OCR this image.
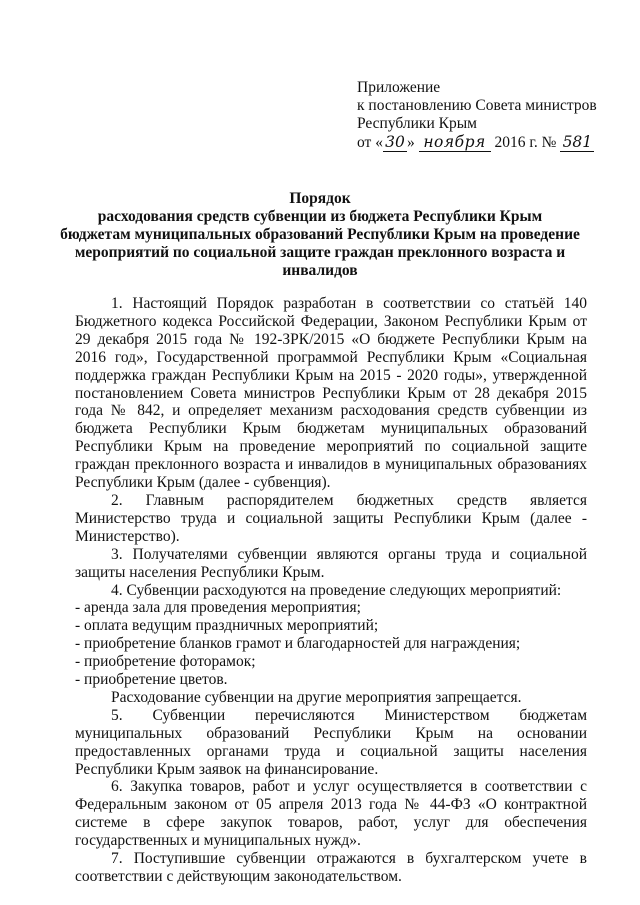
Приложение
к постановлению Совета министров
Республики Крым
от « 30 » ноября 2016 г. № 581
Порядок
расходования средств субвенции из бюджета Республики Крым
бюджетам муниципальных образований Республики Крым на проведение
мероприятий по социальной защите граждан преклонного возраста и
инвалидов

1. Настоящий Порядок разработан в соответствии со статьёй 140 Бюджетного кодекса Российской Федерации, Законом Республики Крым от 29 декабря 2015 года № 192-ЗРК/2015 «О бюджете Республики Крым на 2016 год», Государственной программой Республики Крым «Социальная поддержка граждан Республики Крым на 2015 - 2020 годы», утвержденной постановлением Совета министров Республики Крым от 28 декабря 2015 года № 842, и определяет механизм расходования средств субвенции из бюджета Республики Крым бюджетам муниципальных образований Республики Крым на проведение мероприятий по социальной защите граждан преклонного возраста и инвалидов в муниципальных образованиях Республики Крым (далее - субвенция).

2. Главным распорядителем бюджетных средств является Министерство труда и социальной защиты Республики Крым (далее - Министерство).

3. Получателями субвенции являются органы труда и социальной защиты населения Республики Крым.

4. Субвенции расходуются на проведение следующих мероприятий:

- аренда зала для проведения мероприятия;

- оплата ведущим праздничных мероприятий;

- приобретение бланков грамот и благодарностей для награждения;

- приобретение фоторамок;

- приобретение цветов.

Расходование субвенции на другие мероприятия запрещается.

5. Субвенции перечисляются Министерством бюджетам муниципальных образований Республики Крым на основании предоставленных органами труда и социальной защиты населения Республики Крым заявок на финансирование.

6. Закупка товаров, работ и услуг осуществляется в соответствии с Федеральным законом от 05 апреля 2013 года № 44-ФЗ «О контрактной системе в сфере закупок товаров, работ, услуг для обеспечения государственных и муниципальных нужд».

7. Поступившие субвенции отражаются в бухгалтерском учете в соответствии с действующим законодательством.
